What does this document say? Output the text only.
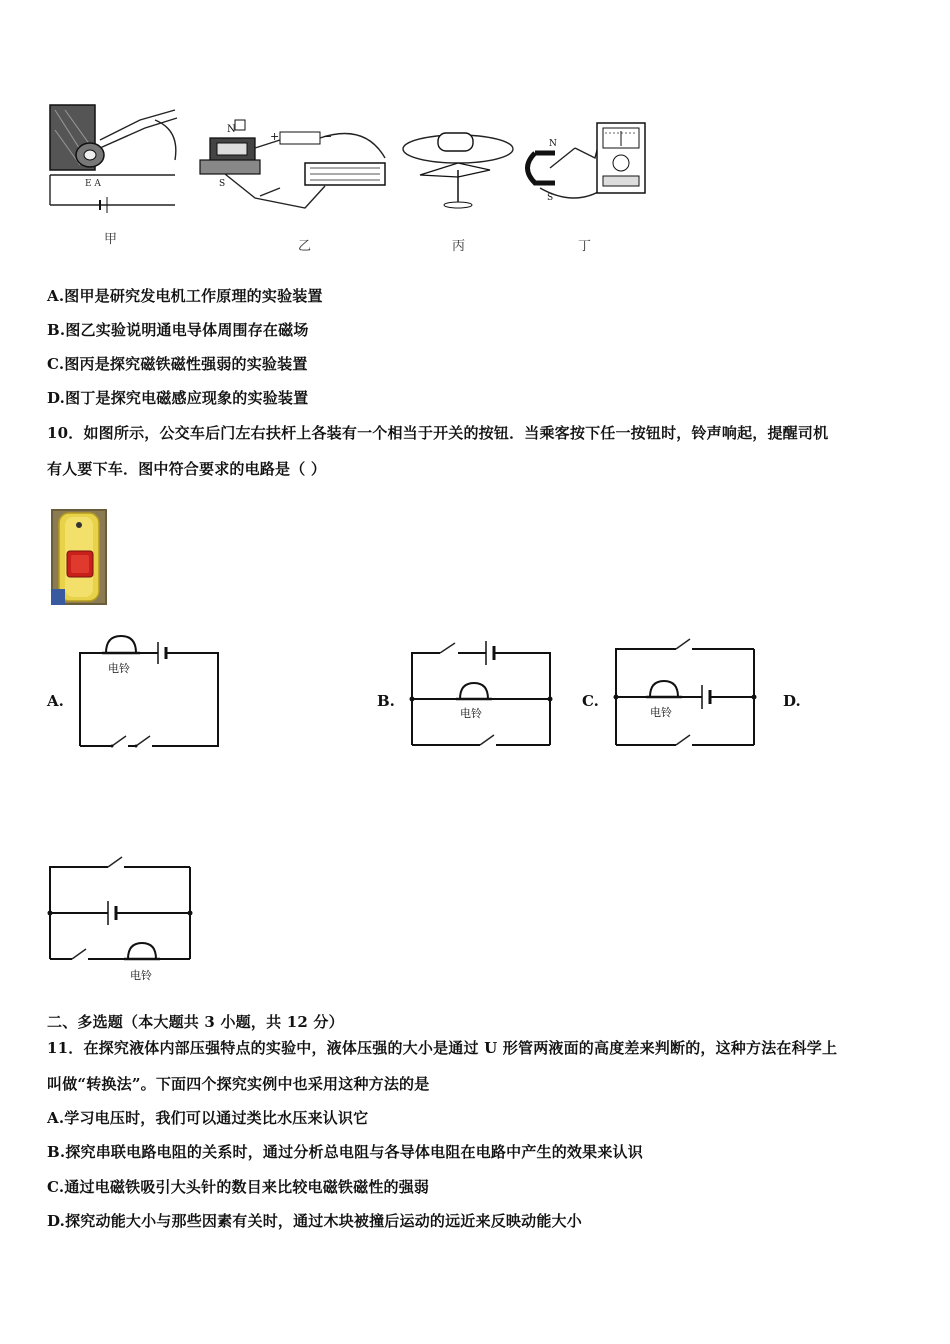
E A
甲
N
S
+	−
乙	丙
N
S
丁
A.图甲是研究发电机工作原理的实验装置
B.图乙实验说明通电导体周围存在磁场
C.图丙是探究磁铁磁性强弱的实验装置
D.图丁是探究电磁感应现象的实验装置
10．如图所示，公交车后门左右扶杆上各装有一个相当于开关的按钮．当乘客按下任一按钮时，铃声响起，提醒司机
有人要下车．图中符合要求的电路是（ ）
A.
电铃
B.
电铃
C.
电铃
D.
电铃
二、多选题（本大题共 3 小题，共 12 分）
11．在探究液体内部压强特点的实验中，液体压强的大小是通过 U 形管两液面的高度差来判断的，这种方法在科学上
叫做“转换法”。下面四个探究实例中也采用这种方法的是
A.学习电压时，我们可以通过类比水压来认识它
B.探究串联电路电阻的关系时，通过分析总电阻与各导体电阻在电路中产生的效果来认识
C.通过电磁铁吸引大头针的数目来比较电磁铁磁性的强弱
D.探究动能大小与那些因素有关时，通过木块被撞后运动的远近来反映动能大小
